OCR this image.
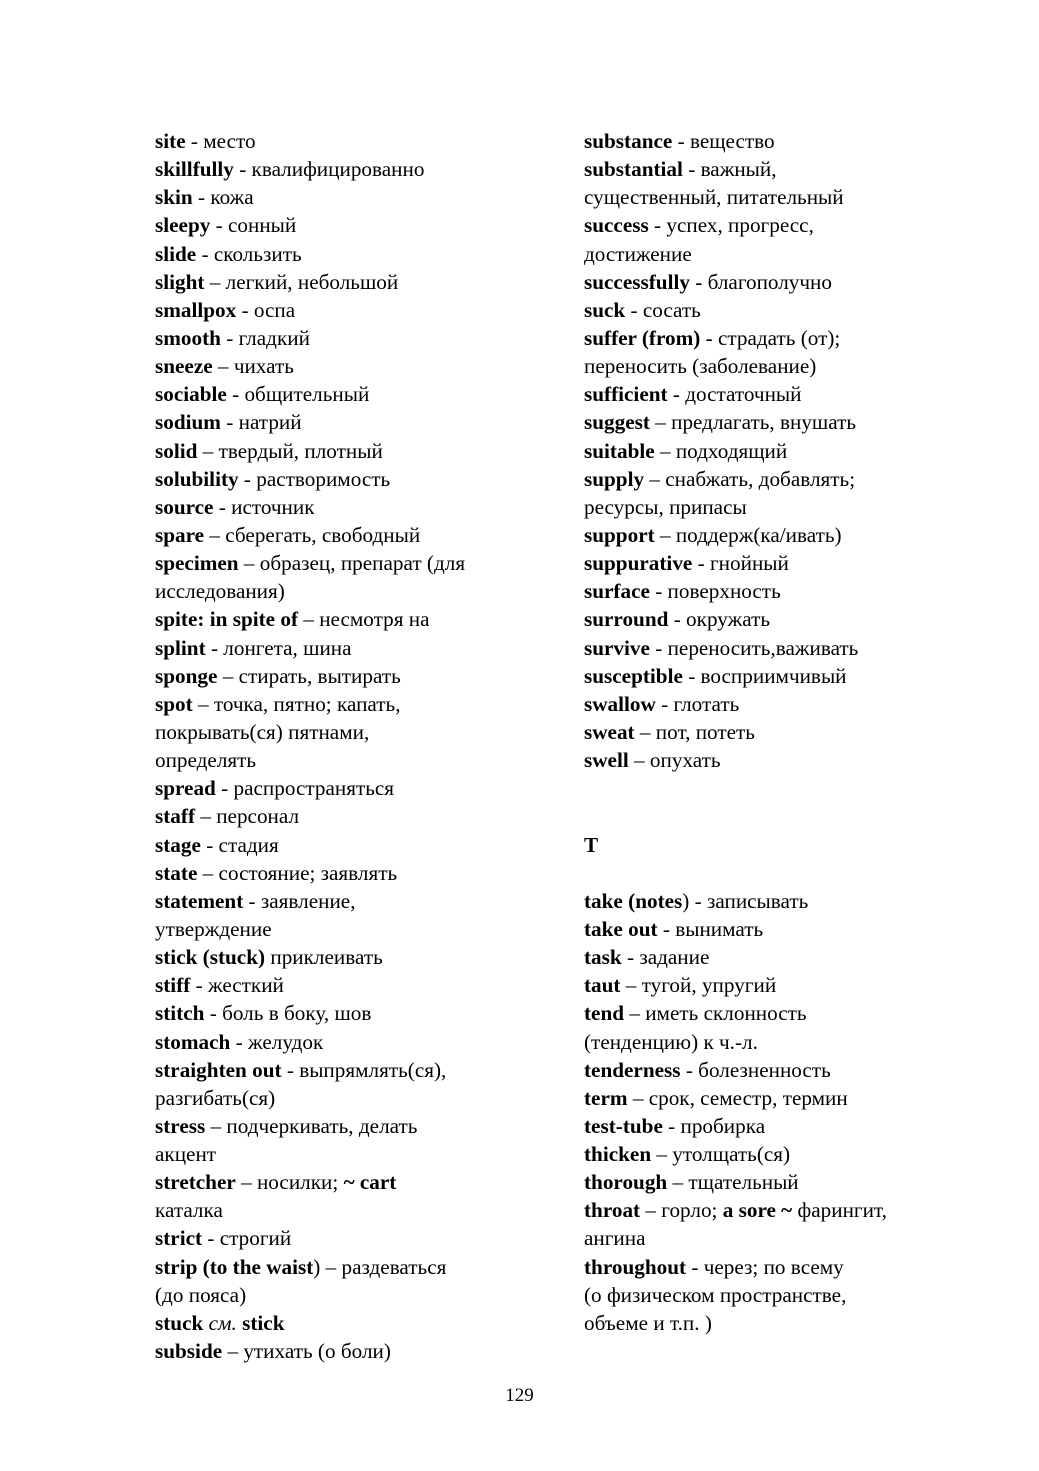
site - место
skillfully - квалифицированно
skin - кожа
sleepy - сонный
slide - скользить
slight – легкий, небольшой
smallpox - оспа
smooth - гладкий
sneeze – чихать
sociable - общительный
sodium - натрий
solid – твердый, плотный
solubility - растворимость
source - источник
spare – сберегать, свободный
specimen – образец, препарат (для
исследования)
spite: in spite of – несмотря на
splint - лонгета, шина
sponge – стирать, вытирать
spot – точка, пятно; капать,
покрывать(ся) пятнами,
определять
spread - распространяться
staff – персонал
stage - стадия
state – состояние; заявлять
statement - заявление,
утверждение
stick (stuck) приклеивать
stiff - жесткий
stitch - боль в боку, шов
stomach - желудок
straighten out - выпрямлять(ся),
разгибать(ся)
stress – подчеркивать, делать
акцент
stretcher – носилки; ~ cart
каталка
strict - строгий
strip (to the waist) – раздеваться
(до пояса)
stuck см. stick
subside – утихать (о боли)
substance - вещество
substantial - важный,
существенный, питательный
success - успех, прогресс,
достижение
successfully - благополучно
suck - сосать
suffer (from) - страдать (от);
переносить (заболевание)
sufficient - достаточный
suggest – предлагать, внушать
suitable – подходящий
supply – снабжать, добавлять;
ресурсы, припасы
support – поддерж(ка/ивать)
suppurative - гнойный
surface - поверхность
surround - окружать
survive - переносить,важивать
susceptible - восприимчивый
swallow - глотать
sweat – пот, потеть
swell – опухать
T
take (notes) - записывать
take out - вынимать
task - задание
taut – тугой, упругий
tend – иметь склонность
(тенденцию) к ч.-л.
tenderness - болезненность
term – срок, семестр, термин
test-tube - пробирка
thicken – утолщать(ся)
thorough – тщательный
throat – горло; a sore ~ фарингит,
ангина
throughout - через; по всему
(о физическом пространстве,
объеме и т.п. )
129
